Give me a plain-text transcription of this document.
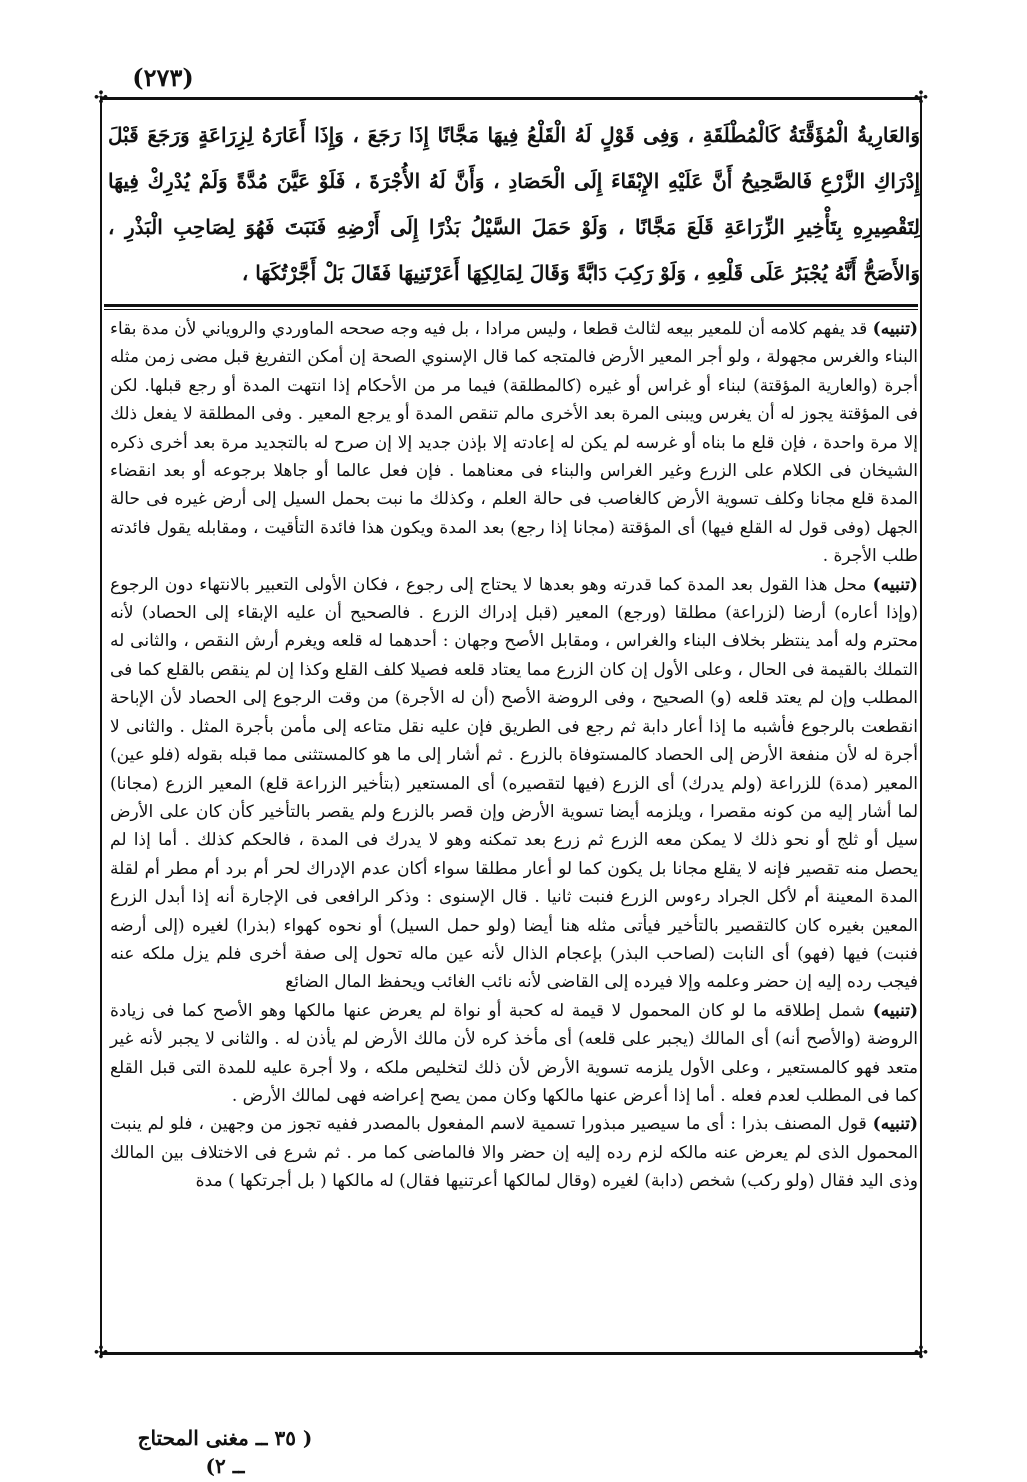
(٢٧٣)
✣	✣
✣	✣

وَالعَارِيةُ الْمُؤَقَّتَةُ كَالْمُطْلَقَةِ ، وَفِى قَوْلٍ لَهُ الْقَلْعُ فِيهَا مَجَّانًا إِذَا رَجَعَ ، وَإِذَا أَعَارَهُ لِزِرَاعَةٍ وَرَجَعَ قَبْلَ إِدْرَاكِ الزَّرْعِ فَالصَّحِيحُ أَنَّ عَلَيْهِ الإِبْقَاءَ إِلَى الْحَصَادِ ، وَأَنَّ لَهُ الأُجْرَةَ ، فَلَوْ عَيَّنَ مُدَّةً وَلَمْ يُدْرِكْ فِيهَا لِتَقْصِيرِهِ بِتَأْخِيرِ الزِّرَاعَةِ قَلَعَ مَجَّانًا ، وَلَوْ حَمَلَ السَّيْلُ بَذْرًا إِلَى أَرْضِهِ فَنَبَتَ فَهُوَ لِصَاحِبِ الْبَذْرِ ، وَالأَصَحُّ أَنَّهُ يُجْبَرُ عَلَى قَلْعِهِ ، وَلَوْ رَكِبَ دَابَّةً وَقَالَ لِمَالِكِهَا أَعَرْتَنِيهَا فَقَالَ بَلْ أَجَّرْتُكَهَا ،

(تنبيه) قد يفهم كلامه أن للمعير بيعه لثالث قطعا ، وليس مرادا ، بل فيه وجه صححه الماوردي والروياني لأن مدة بقاء البناء والغرس مجهولة ، ولو أجر المعير الأرض فالمتجه كما قال الإسنوي الصحة إن أمكن التفريغ قبل مضى زمن مثله أجرة (والعارية المؤقتة) لبناء أو غراس أو غيره (كالمطلقة) فيما مر من الأحكام إذا انتهت المدة أو رجع قبلها. لكن فى المؤقتة يجوز له أن يغرس ويبنى المرة بعد الأخرى مالم تنقص المدة أو يرجع المعير . وفى المطلقة لا يفعل ذلك إلا مرة واحدة ، فإن قلع ما بناه أو غرسه لم يكن له إعادته إلا بإذن جديد إلا إن صرح له بالتجديد مرة بعد أخرى ذكره الشيخان فى الكلام على الزرع وغير الغراس والبناء فى معناهما . فإن فعل عالما أو جاهلا برجوعه أو بعد انقضاء المدة قلع مجانا وكلف تسوية الأرض كالغاصب فى حالة العلم ، وكذلك ما نبت بحمل السيل إلى أرض غيره فى حالة الجهل (وفى قول له القلع فيها) أى المؤقتة (مجانا إذا رجع) بعد المدة ويكون هذا فائدة التأقيت ، ومقابله يقول فائدته طلب الأجرة .

(تنبيه) محل هذا القول بعد المدة كما قدرته وهو بعدها لا يحتاج إلى رجوع ، فكان الأولى التعبير بالانتهاء دون الرجوع (وإذا أعاره) أرضا (لزراعة) مطلقا (ورجع) المعير (قبل إدراك الزرع . فالصحيح أن عليه الإبقاء إلى الحصاد) لأنه محترم وله أمد ينتظر بخلاف البناء والغراس ، ومقابل الأصح وجهان : أحدهما له قلعه ويغرم أرش النقص ، والثانى له التملك بالقيمة فى الحال ، وعلى الأول إن كان الزرع مما يعتاد قلعه فصيلا كلف القلع وكذا إن لم ينقص بالقلع كما فى المطلب وإن لم يعتد قلعه (و) الصحيح ، وفى الروضة الأصح (أن له الأجرة) من وقت الرجوع إلى الحصاد لأن الإباحة انقطعت بالرجوع فأشبه ما إذا أعار دابة ثم رجع فى الطريق فإن عليه نقل متاعه إلى مأمن بأجرة المثل . والثانى لا أجرة له لأن منفعة الأرض إلى الحصاد كالمستوفاة بالزرع . ثم أشار إلى ما هو كالمستثنى مما قبله بقوله (فلو عين) المعير (مدة) للزراعة (ولم يدرك) أى الزرع (فيها لتقصيره) أى المستعير (بتأخير الزراعة قلع) المعير الزرع (مجانا) لما أشار إليه من كونه مقصرا ، ويلزمه أيضا تسوية الأرض وإن قصر بالزرع ولم يقصر بالتأخير كأن كان على الأرض سيل أو ثلج أو نحو ذلك لا يمكن معه الزرع ثم زرع بعد تمكنه وهو لا يدرك فى المدة ، فالحكم كذلك . أما إذا لم يحصل منه تقصير فإنه لا يقلع مجانا بل يكون كما لو أعار مطلقا سواء أكان عدم الإدراك لحر أم برد أم مطر أم لقلة المدة المعينة أم لأكل الجراد رءوس الزرع فنبت ثانيا . قال الإسنوى : وذكر الرافعى فى الإجارة أنه إذا أبدل الزرع المعين بغيره كان كالتقصير بالتأخير فيأتى مثله هنا أيضا (ولو حمل السيل) أو نحوه كهواء (بذرا) لغيره (إلى أرضه فنبت) فيها (فهو) أى النابت (لصاحب البذر) بإعجام الذال لأنه عين ماله تحول إلى صفة أخرى فلم يزل ملكه عنه فيجب رده إليه إن حضر وعلمه وإلا فيرده إلى القاضى لأنه نائب الغائب ويحفظ المال الضائع

(تنبيه) شمل إطلاقه ما لو كان المحمول لا قيمة له كحبة أو نواة لم يعرض عنها مالكها وهو الأصح كما فى زيادة الروضة (والأصح أنه) أى المالك (يجبر على قلعه) أى مأخذ كره لأن مالك الأرض لم يأذن له . والثانى لا يجبر لأنه غير متعد فهو كالمستعير ، وعلى الأول يلزمه تسوية الأرض لأن ذلك لتخليص ملكه ، ولا أجرة عليه للمدة التى قبل القلع كما فى المطلب لعدم فعله . أما إذا أعرض عنها مالكها وكان ممن يصح إعراضه فهى لمالك الأرض .

(تنبيه) قول المصنف بذرا : أى ما سيصير مبذورا تسمية لاسم المفعول بالمصدر ففيه تجوز من وجهين ، فلو لم ينبت المحمول الذى لم يعرض عنه مالكه لزم رده إليه إن حضر والا فالماضى كما مر . ثم شرع فى الاختلاف بين المالك وذى اليد فقال (ولو ركب) شخص (دابة) لغيره (وقال لمالكها أعرتنيها فقال) له مالكها ( بل أجرتكها ) مدة

( ٣٥ ــ مغنى المحتاج ــ ٢)
